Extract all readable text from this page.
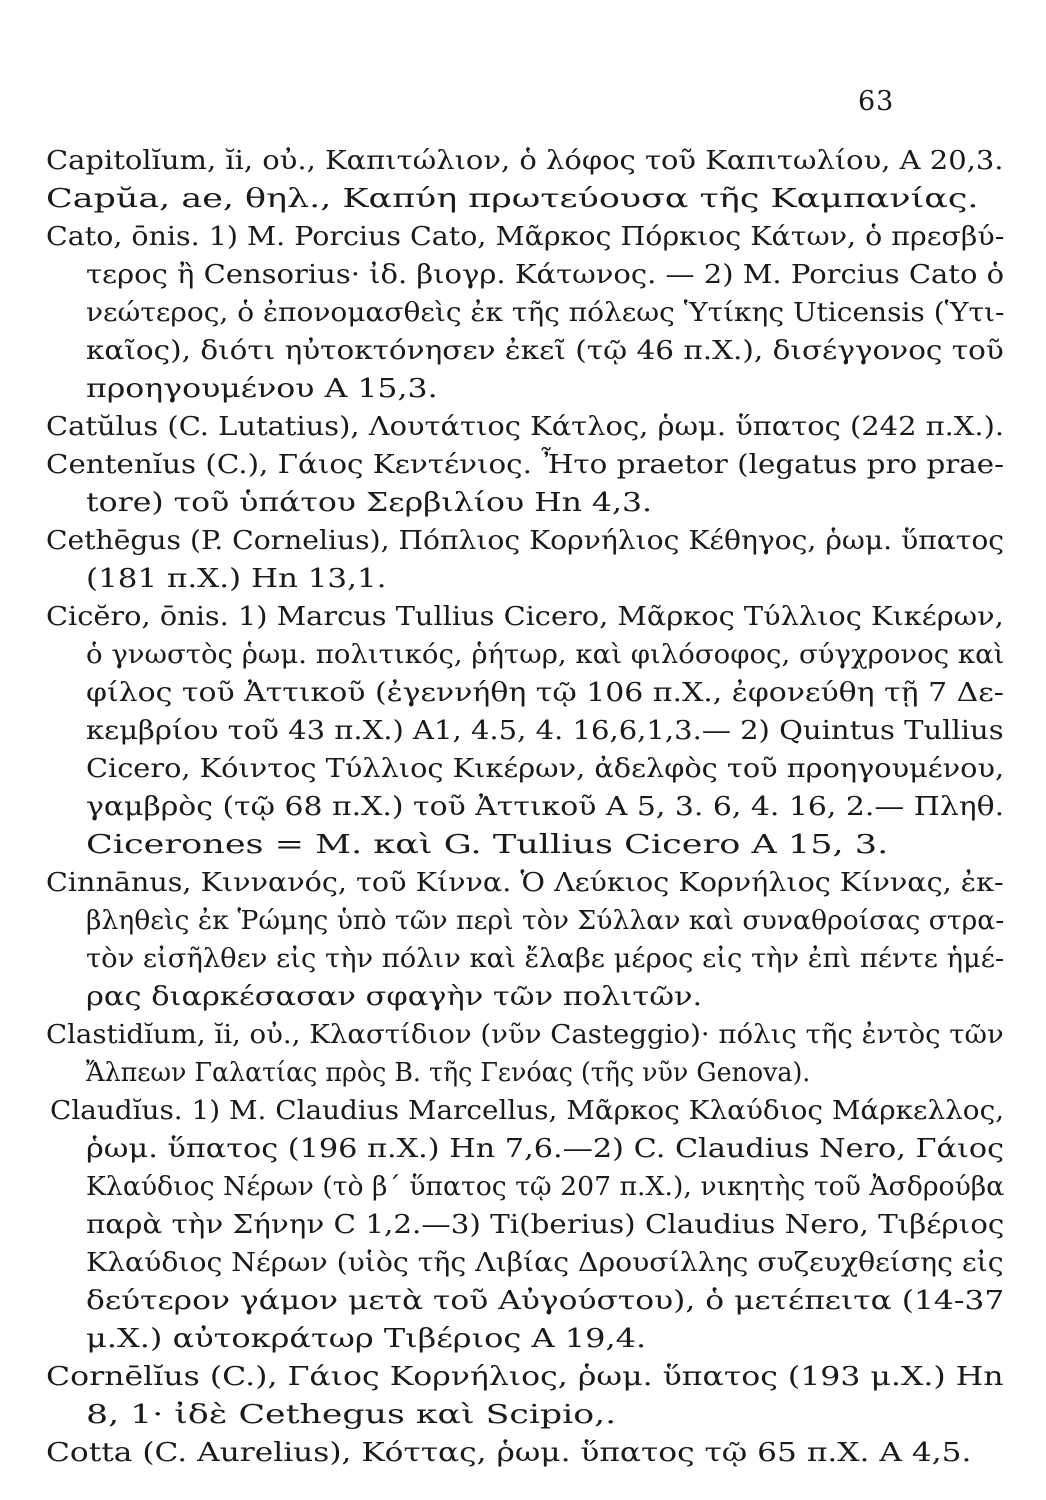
63
Capitolĭum, ĭi, οὐ., Καπιτώλιον, ὁ λόφος τοῦ Καπιτωλίου, Α 20,3.
Capŭa, ae, θηλ., Καπύη πρωτεύουσα τῆς Καμπανίας.
Cato, ōnis. 1) M. Porcius Cato, Μᾶρκος Πόρκιος Κάτων, ὁ πρεσβύ-
τερος ἢ Censorius· ἰδ. βιογρ. Κάτωνος. — 2) M. Porcius Cato ὁ
νεώτερος, ὁ ἐπονομασθεὶς ἐκ τῆς πόλεως Ὑτίκης Uticensis (Ὑτι-
καῖος), διότι ηὐτοκτόνησεν ἐκεῖ (τῷ 46 π.Χ.), δισέγγονος τοῦ
προηγουμένου Α 15,3.
Catŭlus (C. Lutatius), Λουτάτιος Κάτλος, ῥωμ. ὕπατος (242 π.Χ.).
Centenĭus (C.), Γάιος Κεντένιος. Ἦτο praetor (legatus pro prae-
tore) τοῦ ὑπάτου Σερβιλίου Hn 4,3.
Cethēgus (P. Cornelius), Πόπλιος Κορνήλιος Κέθηγος, ῥωμ. ὕπατος
(181 π.Χ.) Hn 13,1.
Cicĕro, ōnis. 1) Marcus Tullius Cicero, Μᾶρκος Τύλλιος Κικέρων,
ὁ γνωστὸς ῥωμ. πολιτικός, ῥήτωρ, καὶ φιλόσοφος, σύγχρονος καὶ
φίλος τοῦ Ἀττικοῦ (ἐγεννήθη τῷ 106 π.Χ., ἐφονεύθη τῇ 7 Δε-
κεμβρίου τοῦ 43 π.Χ.) Α1, 4.5, 4. 16,6,1,3.— 2) Quintus Tullius
Cicero, Κόιντος Τύλλιος Κικέρων, ἀδελφὸς τοῦ προηγουμένου,
γαμβρὸς (τῷ 68 π.Χ.) τοῦ Ἀττικοῦ Α 5, 3. 6, 4. 16, 2.— Πληθ.
Cicerones = M. καὶ G. Tullius Cicero Α 15, 3.
Cinnānus, Κιννανός, τοῦ Κίννα. Ὁ Λεύκιος Κορνήλιος Κίννας, ἐκ-
βληθεὶς ἐκ Ῥώμης ὑπὸ τῶν περὶ τὸν Σύλλαν καὶ συναθροίσας στρα-
τὸν εἰσῆλθεν εἰς τὴν πόλιν καὶ ἔλαβε μέρος εἰς τὴν ἐπὶ πέντε ἡμέ-
ρας διαρκέσασαν σφαγὴν τῶν πολιτῶν.
Clastidĭum, ĭi, οὐ., Κλαστίδιον (νῦν Casteggio)· πόλις τῆς ἐντὸς τῶν
Ἄλπεων Γαλατίας πρὸς Β. τῆς Γενόας (τῆς νῦν Genova).
Claudĭus. 1) M. Claudius Marcellus, Μᾶρκος Κλαύδιος Μάρκελλος,
ῥωμ. ὕπατος (196 π.Χ.) Hn 7,6.—2) C. Claudius Nero, Γάιος
Κλαύδιος Νέρων (τὸ β΄ ὕπατος τῷ 207 π.Χ.), νικητὴς τοῦ Ἀσδρούβα
παρὰ τὴν Σήνην C 1,2.—3) Ti(berius) Claudius Nero, Τιβέριος
Κλαύδιος Νέρων (υἱὸς τῆς Λιβίας Δρουσίλλης συζευχθείσης εἰς
δεύτερον γάμον μετὰ τοῦ Αὐγούστου), ὁ μετέπειτα (14-37
μ.Χ.) αὐτοκράτωρ Τιβέριος Α 19,4.
Cornēlĭus (C.), Γάιος Κορνήλιος, ῥωμ. ὕπατος (193 μ.Χ.) Hn
8, 1· ἰδὲ Cethegus καὶ Scipio,.
Cotta (C. Aurelius), Κόττας, ῥωμ. ὕπατος τῷ 65 π.Χ. Α 4,5.
